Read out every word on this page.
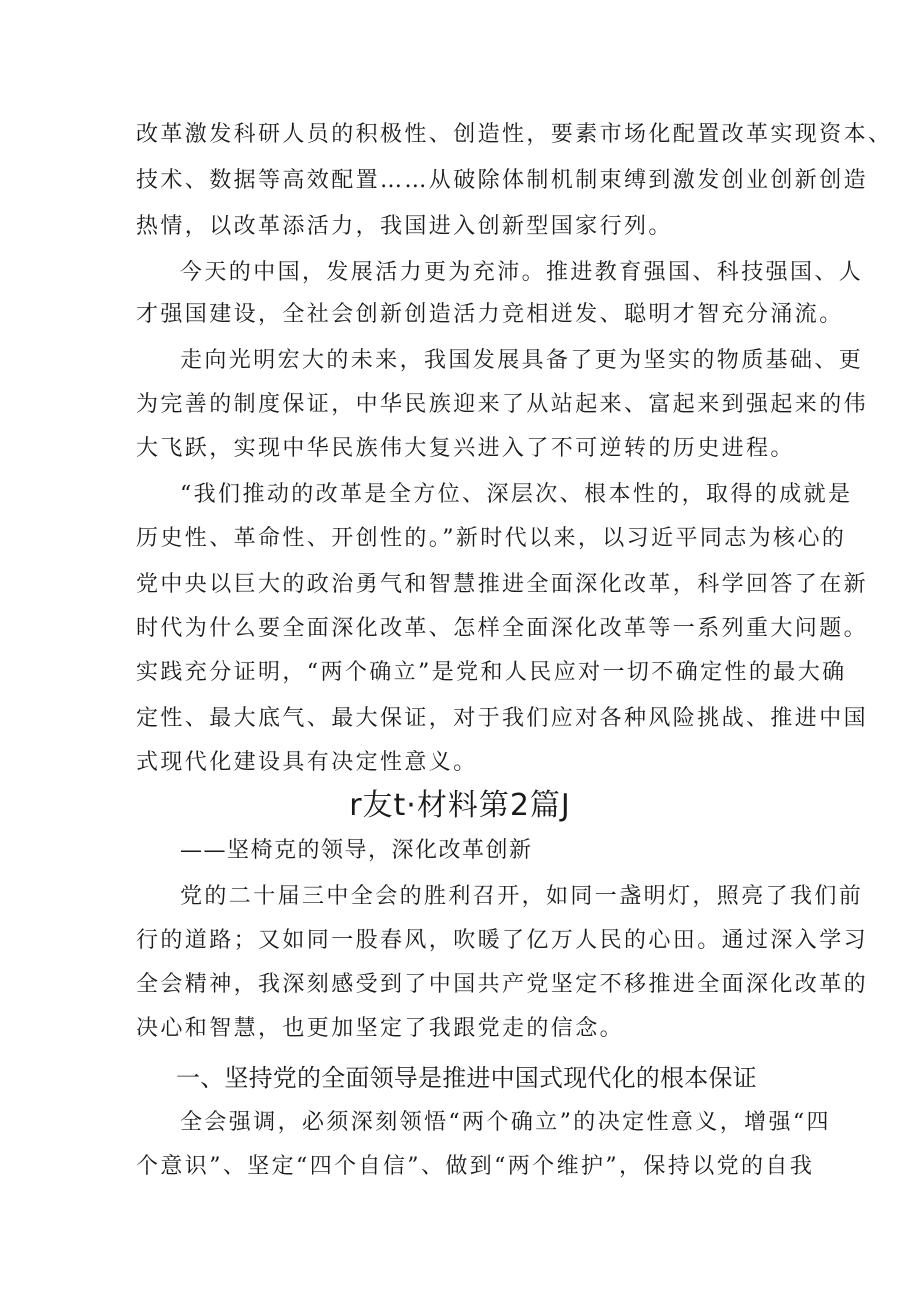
改革激发科研人员的积极性、创造性，要素市场化配置改革实现资本、
技术、数据等高效配置……从破除体制机制束缚到激发创业创新创造
热情，以改革添活力，我国进入创新型国家行列。
今天的中国，发展活力更为充沛。推进教育强国、科技强国、人
才强国建设，全社会创新创造活力竞相迸发、聪明才智充分涌流。
走向光明宏大的未来，我国发展具备了更为坚实的物质基础、更
为完善的制度保证，中华民族迎来了从站起来、富起来到强起来的伟
大飞跃，实现中华民族伟大复兴进入了不可逆转的历史进程。
“我们推动的改革是全方位、深层次、根本性的，取得的成就是
历史性、革命性、开创性的。”新时代以来，以习近平同志为核心的
党中央以巨大的政治勇气和智慧推进全面深化改革，科学回答了在新
时代为什么要全面深化改革、怎样全面深化改革等一系列重大问题。
实践充分证明，“两个确立”是党和人民应对一切不确定性的最大确
定性、最大底气、最大保证，对于我们应对各种风险挑战、推进中国
式现代化建设具有决定性意义。
r友t·材料第2篇J
——坚椅克的领导，深化改革创新
党的二十届三中全会的胜利召开，如同一盏明灯，照亮了我们前
行的道路；又如同一股春风，吹暖了亿万人民的心田。通过深入学习
全会精神，我深刻感受到了中国共产党坚定不移推进全面深化改革的
决心和智慧，也更加坚定了我跟党走的信念。
一、坚持党的全面领导是推进中国式现代化的根本保证
全会强调，必须深刻领悟“两个确立”的决定性意义，增强“四
个意识”、坚定“四个自信”、做到“两个维护”，保持以党的自我
